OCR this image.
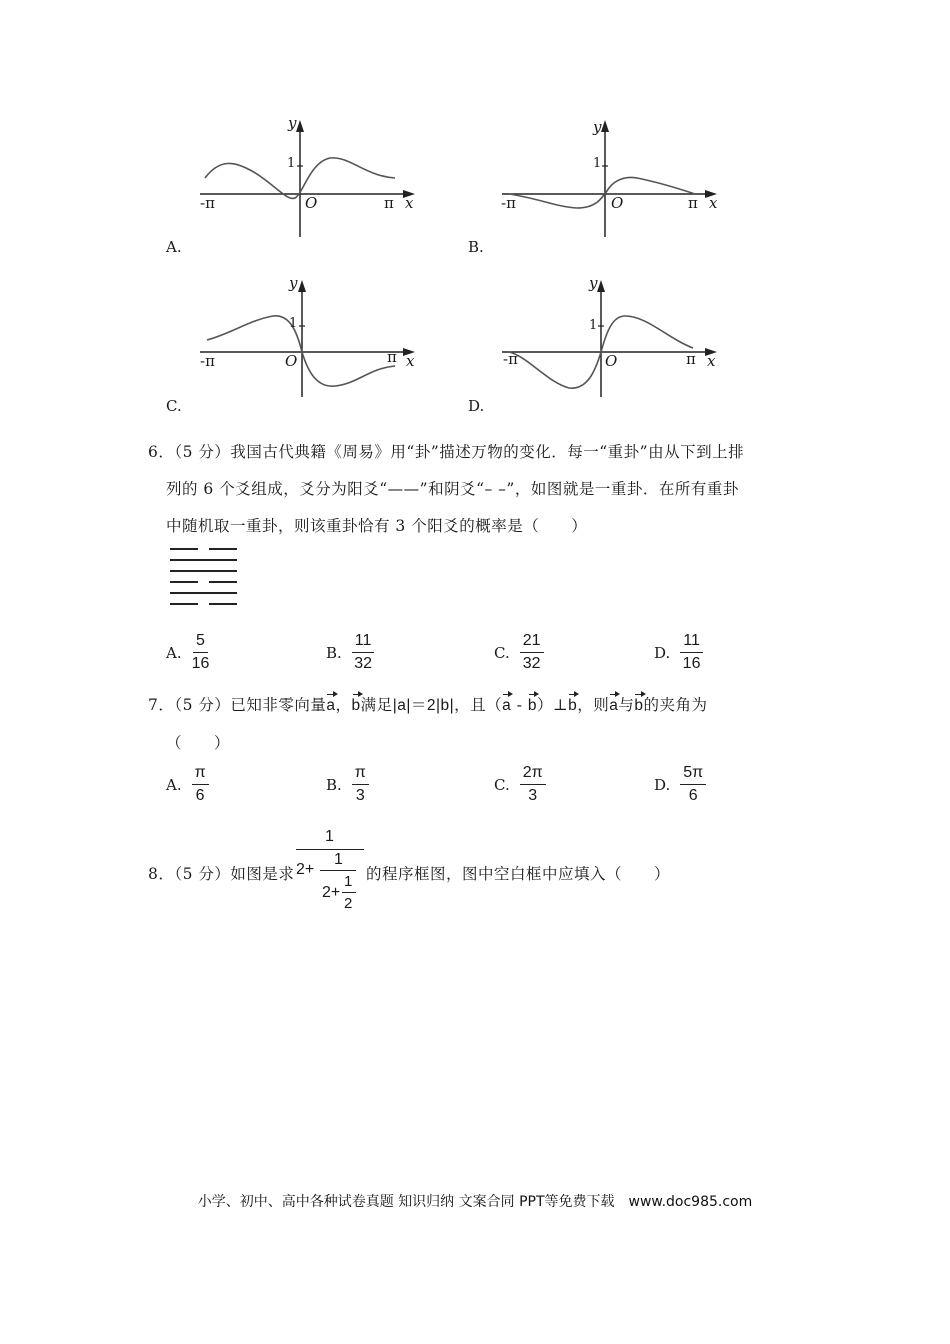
y
1
-π	O	π x
A.
y
1
-π	O	π x
B.
y
1
-π	O	π x
C.
y
1
-π	O	π x
D.
6．（5 分）我国古代典籍《周易》用“卦”描述万物的变化．每一“重卦”由从下到上排
列的 6 个爻组成，爻分为阳爻“——”和阴爻“– –”，如图就是一重卦．在所有重卦
中随机取一重卦，则该重卦恰有 3 个阳爻的概率是（　　）
A. $\frac{5}{16}$	B. $\frac{11}{32}$	C. $\frac{21}{32}$	D. $\frac{11}{16}$
7．（5 分）已知非零向量a，b满足|a|＝2|b|，且（a - b）⊥b，则a与b的夹角为
（　　）
A. $\frac{\pi}{6}$	B. $\frac{\pi}{3}$	C. $\frac{2\pi}{3}$	D. $\frac{5\pi}{6}$
8．（5 分）如图是求
1
2+
1
2+
1
2
的程序框图，图中空白框中应填入（　　）
小学、初中、高中各种试卷真题 知识归纳 文案合同 PPT等免费下载　www.doc985.com
